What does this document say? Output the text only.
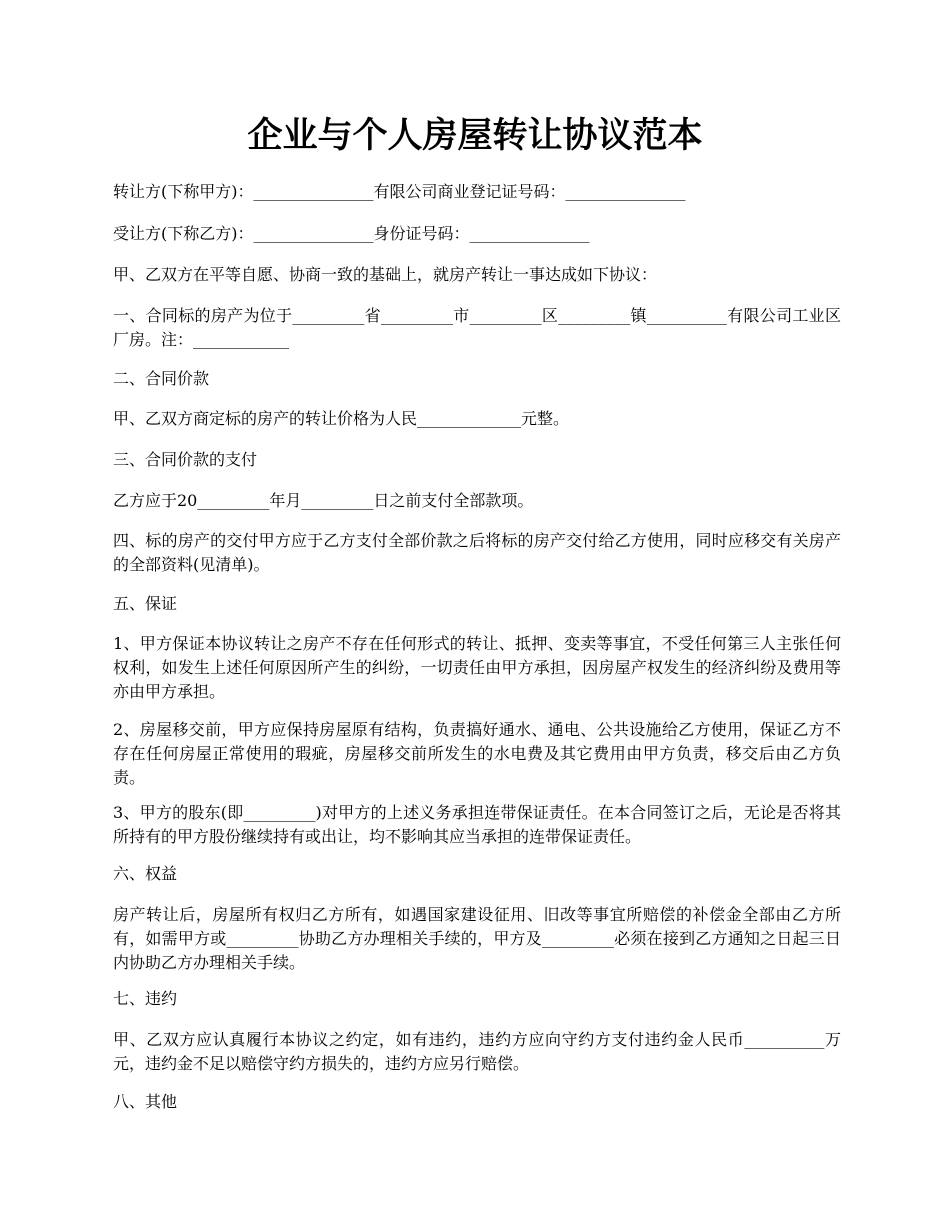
企业与个人房屋转让协议范本

转让方(下称甲方)：_______________有限公司商业登记证号码：_______________

受让方(下称乙方)：_______________身份证号码：_______________

甲、乙双方在平等自愿、协商一致的基础上，就房产转让一事达成如下协议：

一、合同标的房产为位于_________省_________市_________区_________镇__________有限公司工业区厂房。注：____________

二、合同价款

甲、乙双方商定标的房产的转让价格为人民_____________元整。

三、合同价款的支付

乙方应于20_________年月_________日之前支付全部款项。

四、标的房产的交付甲方应于乙方支付全部价款之后将标的房产交付给乙方使用，同时应移交有关房产的全部资料(见清单)。

五、保证

1、甲方保证本协议转让之房产不存在任何形式的转让、抵押、变卖等事宜，不受任何第三人主张任何权利，如发生上述任何原因所产生的纠纷，一切责任由甲方承担，因房屋产权发生的经济纠纷及费用等亦由甲方承担。

2、房屋移交前，甲方应保持房屋原有结构，负责搞好通水、通电、公共设施给乙方使用，保证乙方不存在任何房屋正常使用的瑕疵，房屋移交前所发生的水电费及其它费用由甲方负责，移交后由乙方负责。

3、甲方的股东(即_________)对甲方的上述义务承担连带保证责任。在本合同签订之后，无论是否将其所持有的甲方股份继续持有或出让，均不影响其应当承担的连带保证责任。

六、权益

房产转让后，房屋所有权归乙方所有，如遇国家建设征用、旧改等事宜所赔偿的补偿金全部由乙方所有，如需甲方或_________协助乙方办理相关手续的，甲方及_________必须在接到乙方通知之日起三日内协助乙方办理相关手续。

七、违约

甲、乙双方应认真履行本协议之约定，如有违约，违约方应向守约方支付违约金人民币__________万元，违约金不足以赔偿守约方损失的，违约方应另行赔偿。

八、其他
